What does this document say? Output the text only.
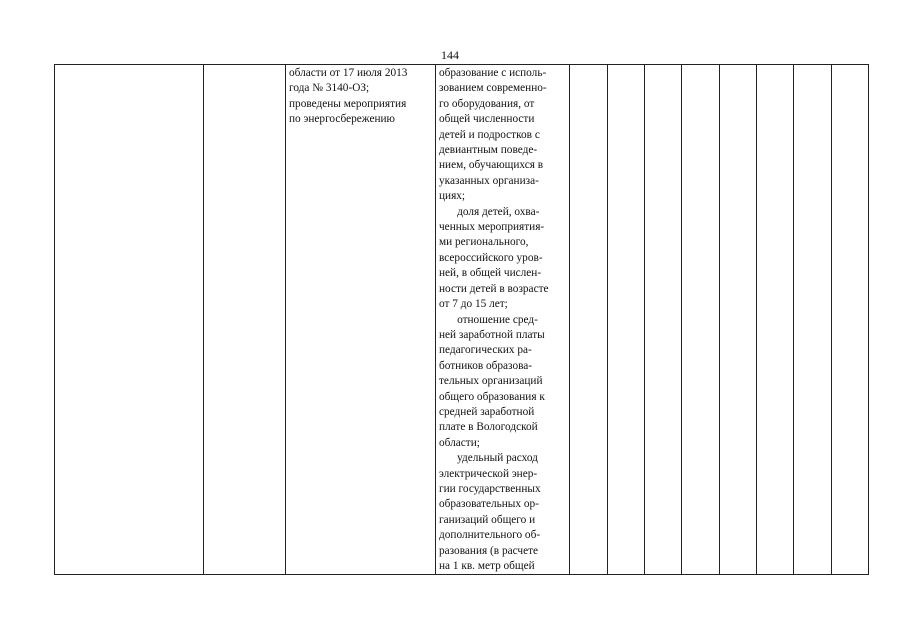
144

области от 17 июля 2013
года № 3140-ОЗ;
проведены мероприятия
по энергосбережению

образование с исполь-
зованием современно-
го оборудования, от
общей численности
детей и подростков с
девиантным поведе-
нием, обучающихся в
указанных организа-
циях;
доля детей, охва-
ченных мероприятия-
ми регионального,
всероссийского уров-
ней, в общей числен-
ности детей в возрасте
от 7 до 15 лет;
отношение сред-
ней заработной платы
педагогических ра-
ботников образова-
тельных организаций
общего образования к
средней заработной
плате в Вологодской
области;
удельный расход
электрической энер-
гии государственных
образовательных ор-
ганизаций общего и
дополнительного об-
разования (в расчете
на 1 кв. метр общей
